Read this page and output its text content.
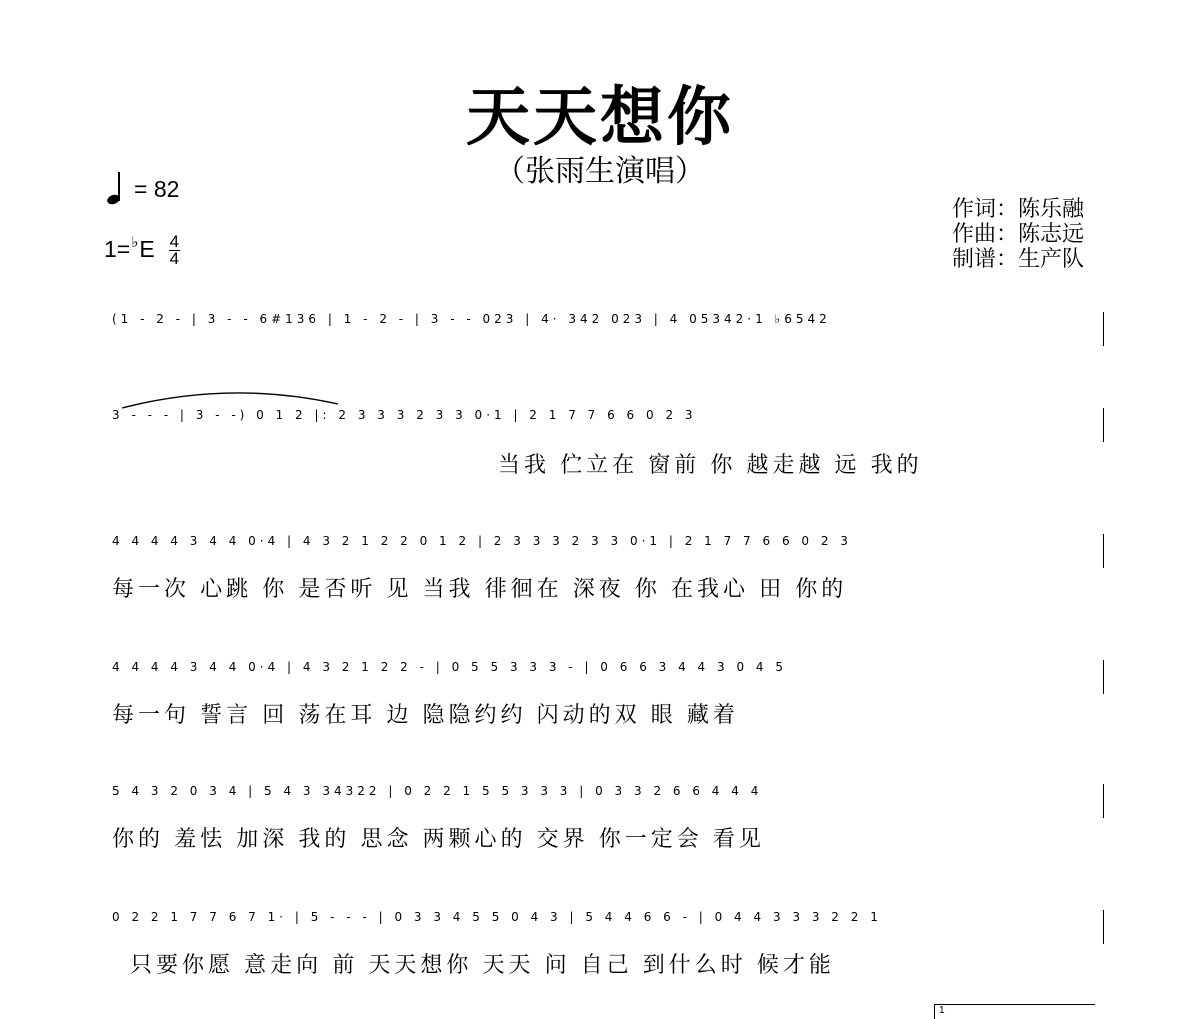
天天想你
（张雨生演唱）
= 82
1= ♭ E $\frac{4}{4}$
作词：陈乐融
作曲：陈志远
制谱：生产队
(1 - 2 - | 3 - - 6#136 | 1 - 2 - | 3 - - 023 | 4· 342 023 | 4 05342·1 ♭6542
3 - - - | 3 - -) 0 1 2 |: 2 3 3 3 2 3 3 0·1 | 2 1 7 7 6 6 0 2 3
当我 伫立在 窗前 你 越走越 远 我的
4 4 4 4 3 4 4 0·4 | 4 3 2 1 2 2 0 1 2 | 2 3 3 3 2 3 3 0·1 | 2 1 7 7 6 6 0 2 3
每一次 心跳 你 是否听 见 当我 徘徊在 深夜 你 在我心 田 你的
4 4 4 4 3 4 4 0·4 | 4 3 2 1 2 2 - | 0 5 5 3 3 3 - | 0 6 6 3 4 4 3 0 4 5
每一句 誓言 回 荡在耳 边 隐隐约约 闪动的双 眼 藏着
5 4 3 2 0 3 4 | 5 4 3 34322 | 0 2 2 1 5 5 3 3 3 | 0 3 3 2 6 6 4 4 4
你的 羞怯 加深 我的 思念 两颗心的 交界 你一定会 看见
0 2 2 1 7 7 6 7 1· | 5 - - - | 0 3 3 4 5 5 0 4 3 | 5 4 4 6 6 - | 0 4 4 3 3 3 2 2 1
只要你愿 意走向 前 天天想你 天天 问 自己 到什么时 候才能
1
